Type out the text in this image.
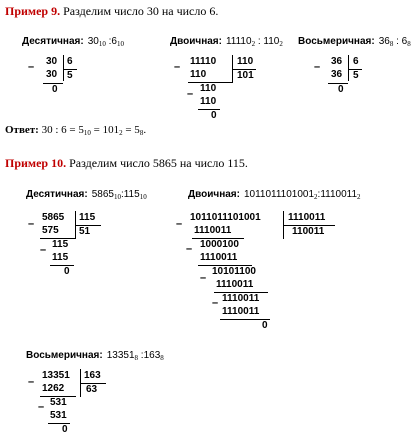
Пример 9. Разделим число 30 на число 6.
Десятичная: $30_{10}$ $:6_{10}$	Двоичная: $11110_2$ : $110_2$ Восьмеричная: $36_8$ : $6_8$
– 30
30
0
6
5
– 11110
110
– 110
110
0
110
101
– 36
36
0
6
5
Ответ: 30 : $6 = 5_{10} = 101_2 = 5_8$.
Пример 10. Разделим число 5865 на число 115.
Десятичная: $5865_{10}:115_{10}$	Двоичная: $1011011101001_2:1110011_2$
–
5865
575
– 115
115
0
115
51
–
1011011101001
1110011
– 1000100
1110011
–
10101100
1110011
– 1110011
1110011
0
1110011
110011
Восьмеричная: $13351_8$ $:163_8$
–
13351
1262
– 531
531
0
163
63
